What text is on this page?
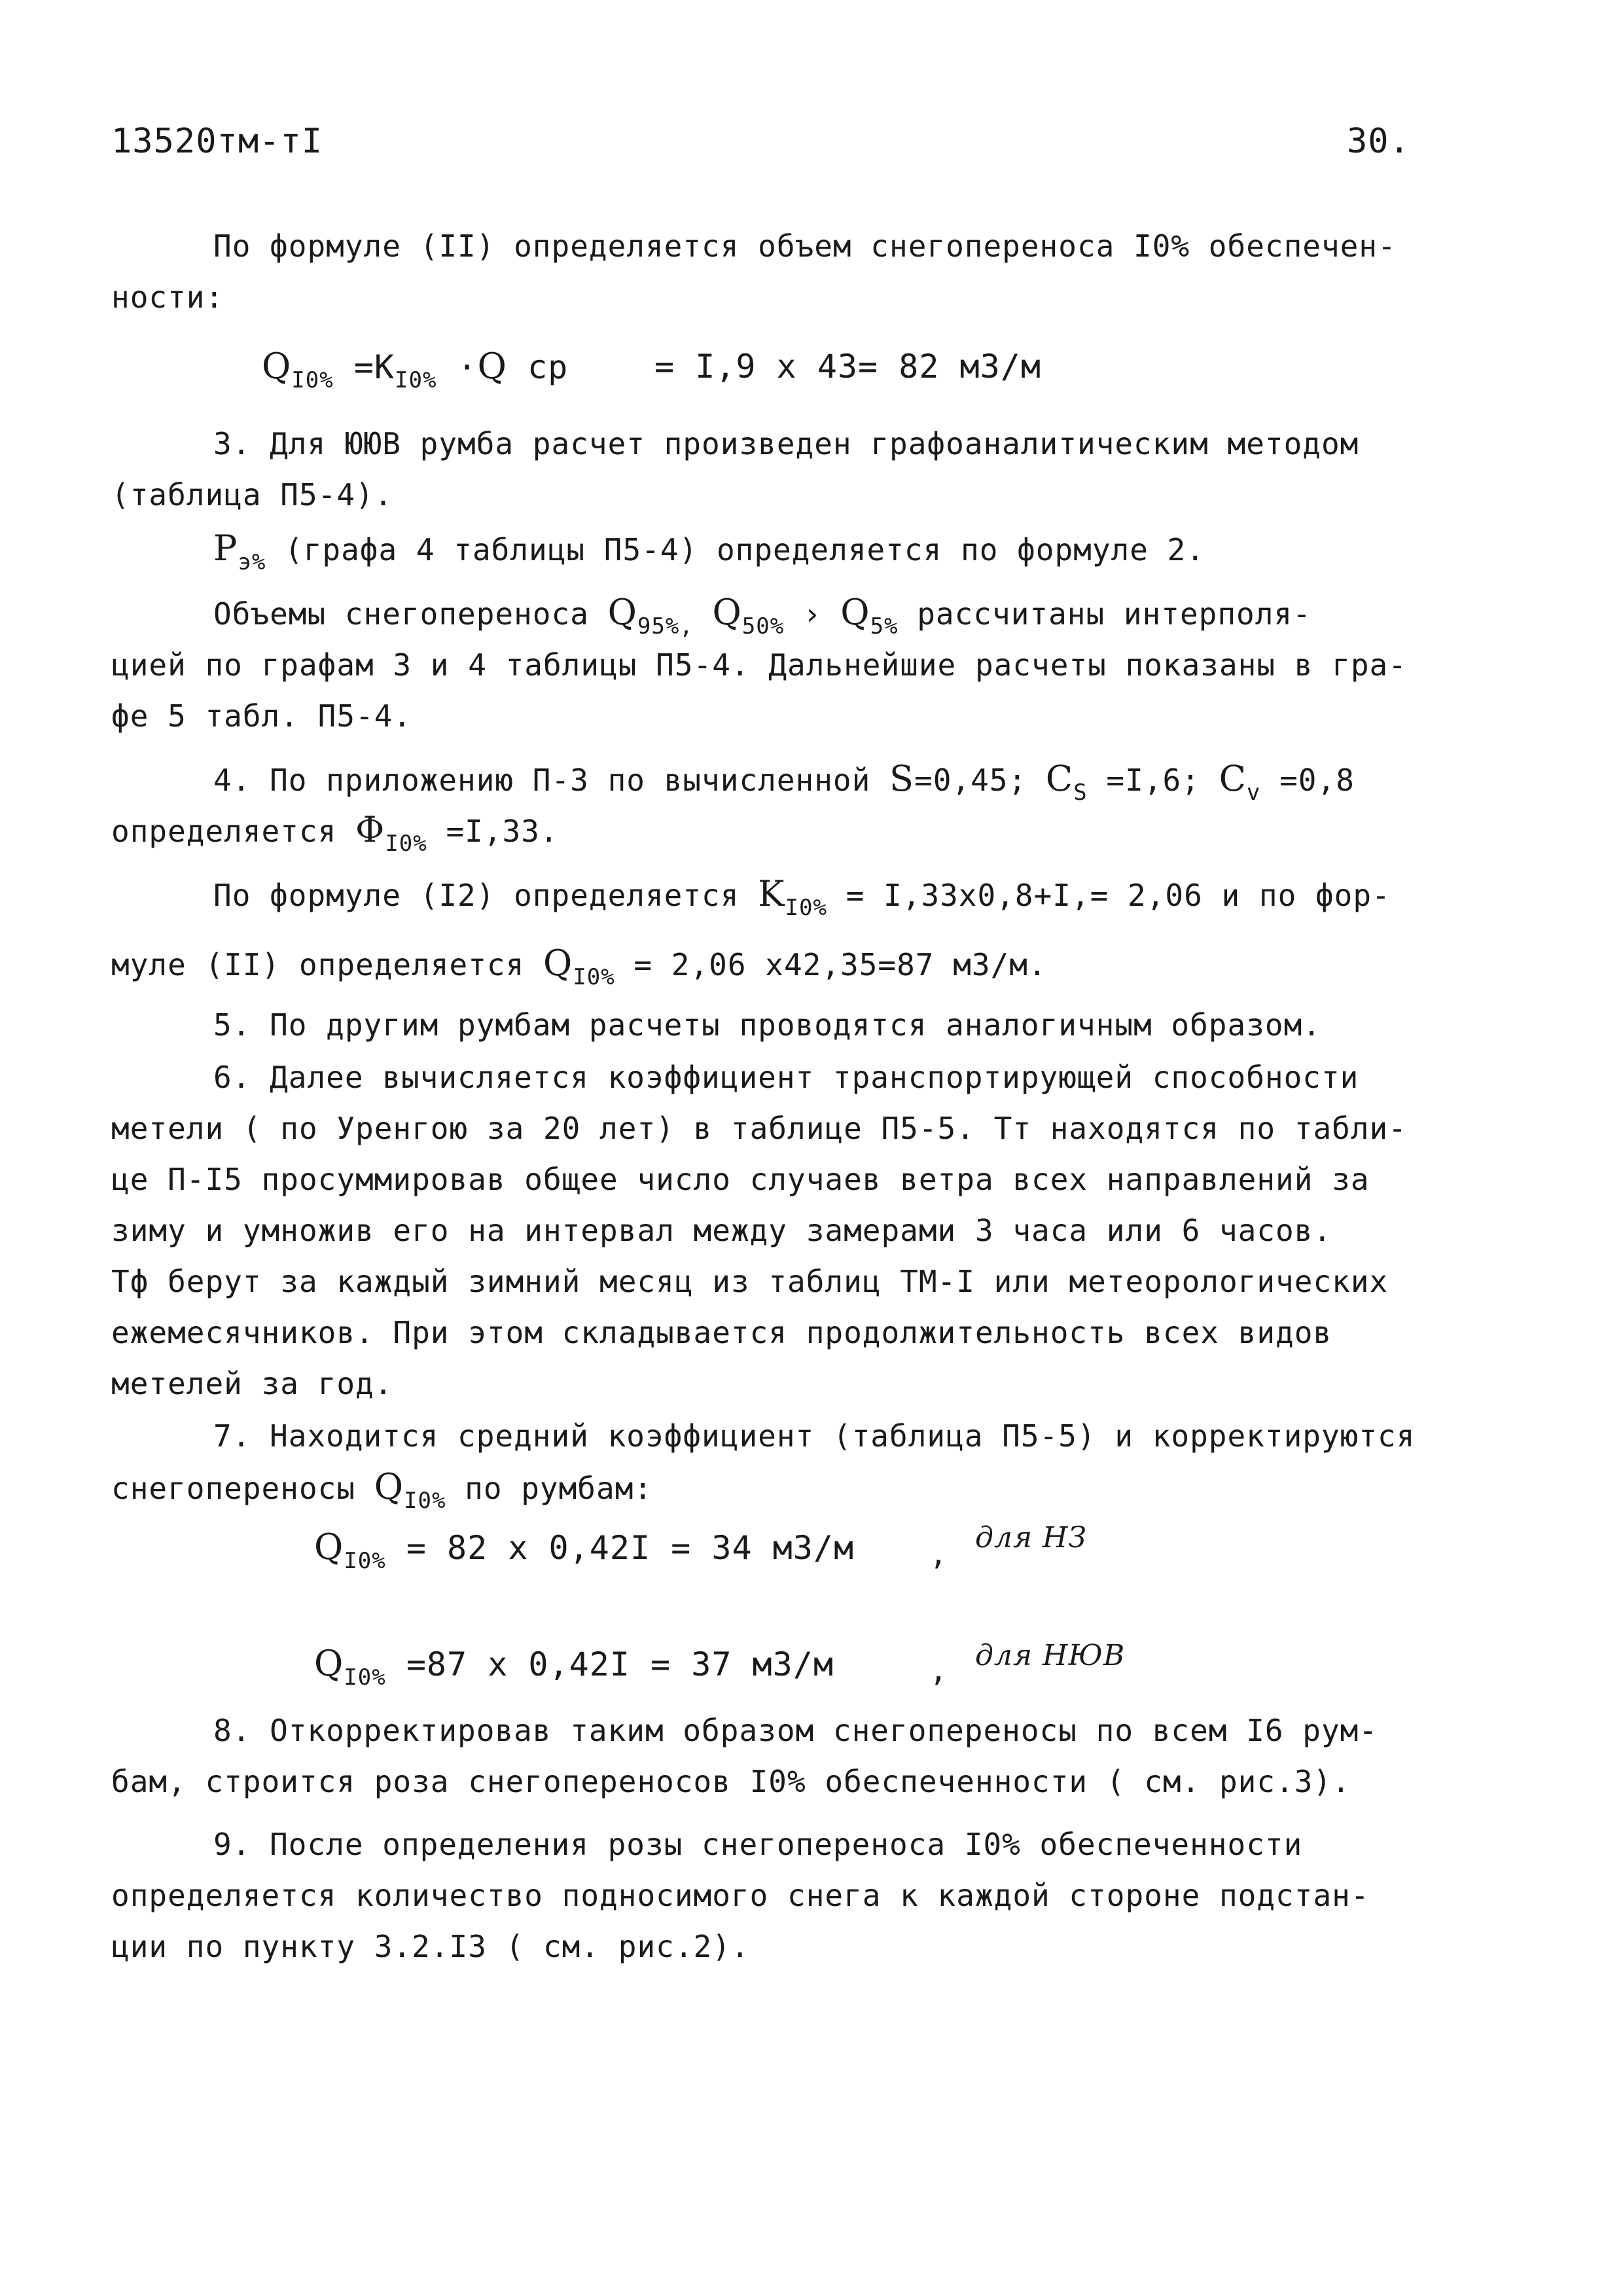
13520тм-тI	30.
По формуле (II) определяется объем снегопереноса I0% обеспечен-
ности:
$Q_{I0\%} =K_{I0\%} \cdot Q$ ср	= I,9 х 43= 82 м3/м
3. Для ЮЮВ румба расчет произведен графоаналитическим методом
(таблица П5-4).
$P_{э\%}$ (графа 4 таблицы П5-4) определяется по формуле 2.
Объемы снегопереноса $Q_{95\%,}$ $Q_{50\%}$ › $Q_{5\%}$ рассчитаны интерполя-
цией по графам 3 и 4 таблицы П5-4. Дальнейшие расчеты показаны в гра-
фе 5 табл. П5-4.
4. По приложению П-3 по вычисленной S=0,45; $C_S =I,6$; $C_v =0,8$
определяется $\Phi_{I0\%} =I,33$.
По формуле (I2) определяется $K_{I0\%} = I,33х0,8+I,= 2,06$ и по фор-
муле (II) определяется $Q_{I0\%} = 2,06$ х42,35=87 м3/м.
5. По другим румбам расчеты проводятся аналогичным образом.
6. Далее вычисляется коэффициент транспортирующей способности
метели ( по Уренгою за 20 лет) в таблице П5-5. Тт находятся по табли-
це П-I5 просуммировав общее число случаев ветра всех направлений за
зиму и умножив его на интервал между замерами 3 часа или 6 часов.
Тф берут за каждый зимний месяц из таблиц ТМ-I или метеорологических
ежемесячников. При этом складывается продолжительность всех видов
метелей за год.
7. Находится средний коэффициент (таблица П5-5) и корректируются
снегопереносы $Q_{I0\%}$ по румбам:
$Q_{I0\%} = 82$ х 0,42I = 34 м3/м , для НЗ
$Q_{I0\%} =87$ х 0,42I = 37 м3/м	, для НЮВ
8. Откорректировав таким образом снегопереносы по всем I6 рум-
бам, строится роза снегопереносов I0% обеспеченности ( см. рис.3).
9. После определения розы снегопереноса I0% обеспеченности
определяется количество подносимого снега к каждой стороне подстан-
ции по пункту 3.2.I3 ( см. рис.2).
